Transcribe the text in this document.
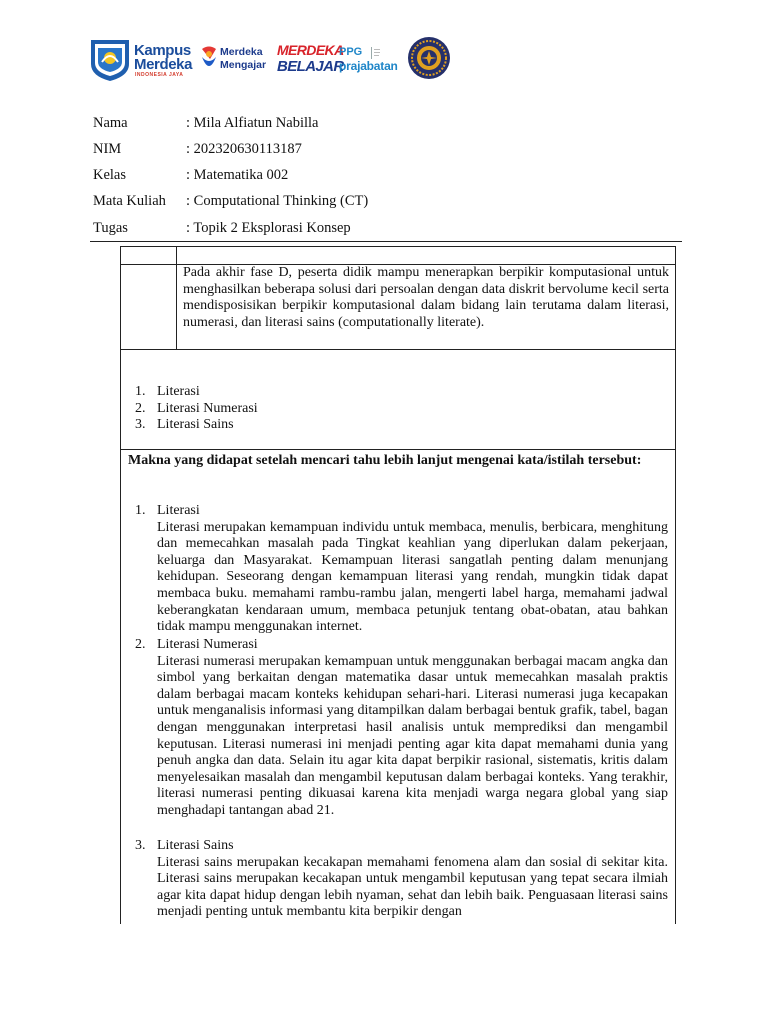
Kampus
Merdeka
INDONESIA JAYA
Merdeka
Mengajar
MERDEKA
BELAJAR
PPG
prajabatan
Nama	: Mila Alfiatun Nabilla
NIM	: 202320630113187
Kelas	: Matematika 002
Mata Kuliah : Computational Thinking (CT)
Tugas	: Topik 2 Eksplorasi Konsep
Pada akhir fase D, peserta didik mampu menerapkan berpikir komputasional untuk menghasilkan beberapa solusi dari persoalan dengan data diskrit bervolume kecil serta mendisposisikan berpikir komputasional dalam bidang lain terutama dalam literasi, numerasi, dan literasi sains (computationally literate).
1. Literasi
2. Literasi Numerasi
3. Literasi Sains
Makna yang didapat setelah mencari tahu lebih lanjut mengenai kata/istilah tersebut:
1. Literasi
Literasi merupakan kemampuan individu untuk membaca, menulis, berbicara, menghitung dan memecahkan masalah pada Tingkat keahlian yang diperlukan dalam pekerjaan, keluarga dan Masyarakat. Kemampuan literasi sangatlah penting dalam menunjang kehidupan. Seseorang dengan kemampuan literasi yang rendah, mungkin tidak dapat membaca buku. memahami rambu-rambu jalan, mengerti label harga, memahami jadwal keberangkatan kendaraan umum, membaca petunjuk tentang obat-obatan, atau bahkan tidak mampu menggunakan internet.
2. Literasi Numerasi
Literasi numerasi merupakan kemampuan untuk menggunakan berbagai macam angka dan simbol yang berkaitan dengan matematika dasar untuk memecahkan masalah praktis dalam berbagai macam konteks kehidupan sehari-hari. Literasi numerasi juga kecapakan untuk menganalisis informasi yang ditampilkan dalam berbagai bentuk grafik, tabel, bagan dengan menggunakan interpretasi hasil analisis untuk memprediksi dan mengambil keputusan. Literasi numerasi ini menjadi penting agar kita dapat memahami dunia yang penuh angka dan data. Selain itu agar kita dapat berpikir rasional, sistematis, kritis dalam menyelesaikan masalah dan mengambil keputusan dalam berbagai konteks. Yang terakhir, literasi numerasi penting dikuasai karena kita menjadi warga negara global yang siap menghadapi tantangan abad 21.
3. Literasi Sains
Literasi sains merupakan kecakapan memahami fenomena alam dan sosial di sekitar kita. Literasi sains merupakan kecakapan untuk mengambil keputusan yang tepat secara ilmiah agar kita dapat hidup dengan lebih nyaman, sehat dan lebih baik. Penguasaan literasi sains menjadi penting untuk membantu kita berpikir dengan
